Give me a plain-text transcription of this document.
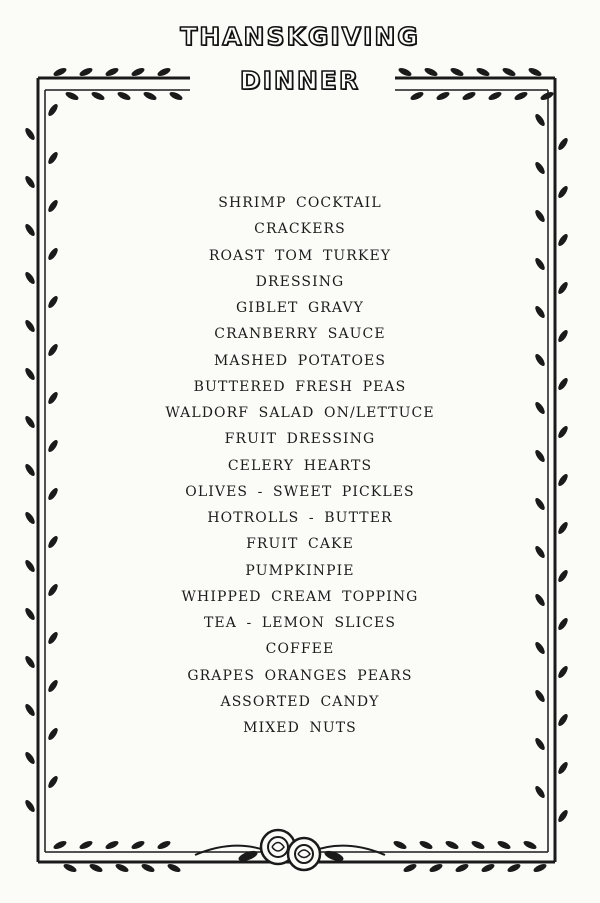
THANSKGIVING
DINNER
SHRIMP COCKTAIL
CRACKERS
ROAST TOM TURKEY
DRESSING
GIBLET GRAVY
CRANBERRY SAUCE
MASHED POTATOES
BUTTERED FRESH PEAS
WALDORF SALAD ON/LETTUCE
FRUIT DRESSING
CELERY HEARTS
OLIVES - SWEET PICKLES
HOTROLLS - BUTTER
FRUIT CAKE
PUMPKINPIE
WHIPPED CREAM TOPPING
TEA - LEMON SLICES
COFFEE
GRAPES ORANGES PEARS
ASSORTED CANDY
MIXED NUTS
